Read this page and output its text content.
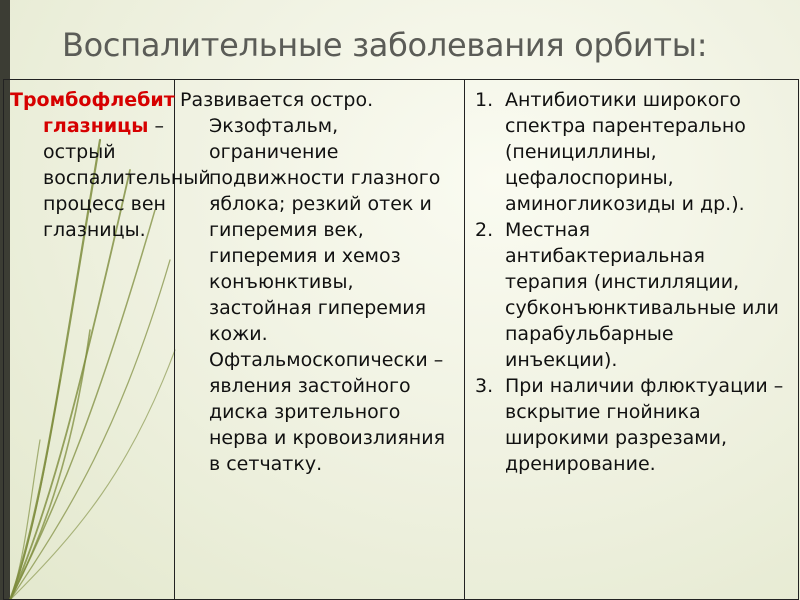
Воспалительные заболевания орбиты:
Тромбофлебит глазницы – острый воспалительный процесс вен глазницы.

Развивается остро. Экзофтальм, ограничение подвижности глазного яблока; резкий отек и гиперемия век, гиперемия и хемоз конъюнктивы, застойная гиперемия кожи. Офтальмоскопически – явления застойного диска зрительного нерва и кровоизлияния в сетчатку.

1. Антибиотики широкого спектра парентерально (пенициллины, цефалоспорины, аминогликозиды и др.).
2. Местная антибактериальная терапия (инстилляции, субконъюнктивальные или парабульбарные инъекции).
3. При наличии флюктуации – вскрытие гнойника широкими разрезами, дренирование.
